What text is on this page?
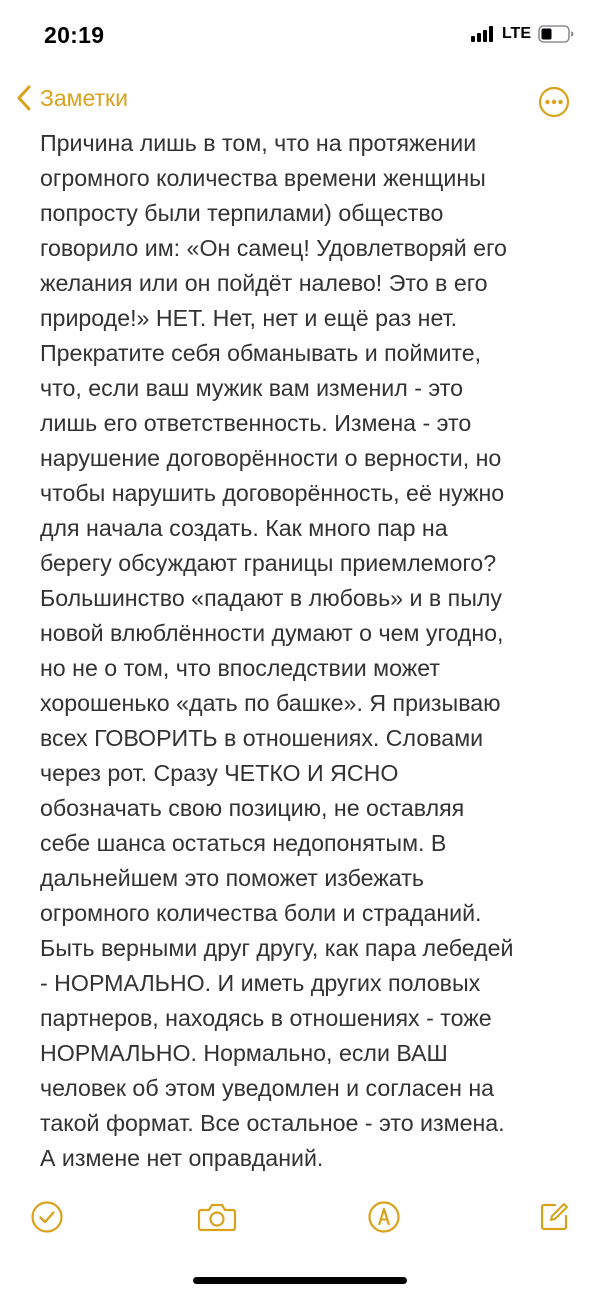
20:19	LTE
Заметки
Причина лишь в том, что на протяжении
огромного количества времени женщины
попросту были терпилами) общество
говорило им: «Он самец! Удовлетворяй его
желания или он пойдёт налево! Это в его
природе!» НЕТ. Нет, нет и ещё раз нет.
Прекратите себя обманывать и поймите,
что, если ваш мужик вам изменил - это
лишь его ответственность. Измена - это
нарушение договорённости о верности, но
чтобы нарушить договорённость, её нужно
для начала создать. Как много пар на
берегу обсуждают границы приемлемого?
Большинство «падают в любовь» и в пылу
новой влюблённости думают о чем угодно,
но не о том, что впоследствии может
хорошенько «дать по башке». Я призываю
всех ГОВОРИТЬ в отношениях. Словами
через рот. Сразу ЧЕТКО И ЯСНО
обозначать свою позицию, не оставляя
себе шанса остаться недопонятым. В
дальнейшем это поможет избежать
огромного количества боли и страданий.
Быть верными друг другу, как пара лебедей
- НОРМАЛЬНО. И иметь других половых
партнеров, находясь в отношениях - тоже
НОРМАЛЬНО. Нормально, если ВАШ
человек об этом уведомлен и согласен на
такой формат. Все остальное - это измена.
А измене нет оправданий.
